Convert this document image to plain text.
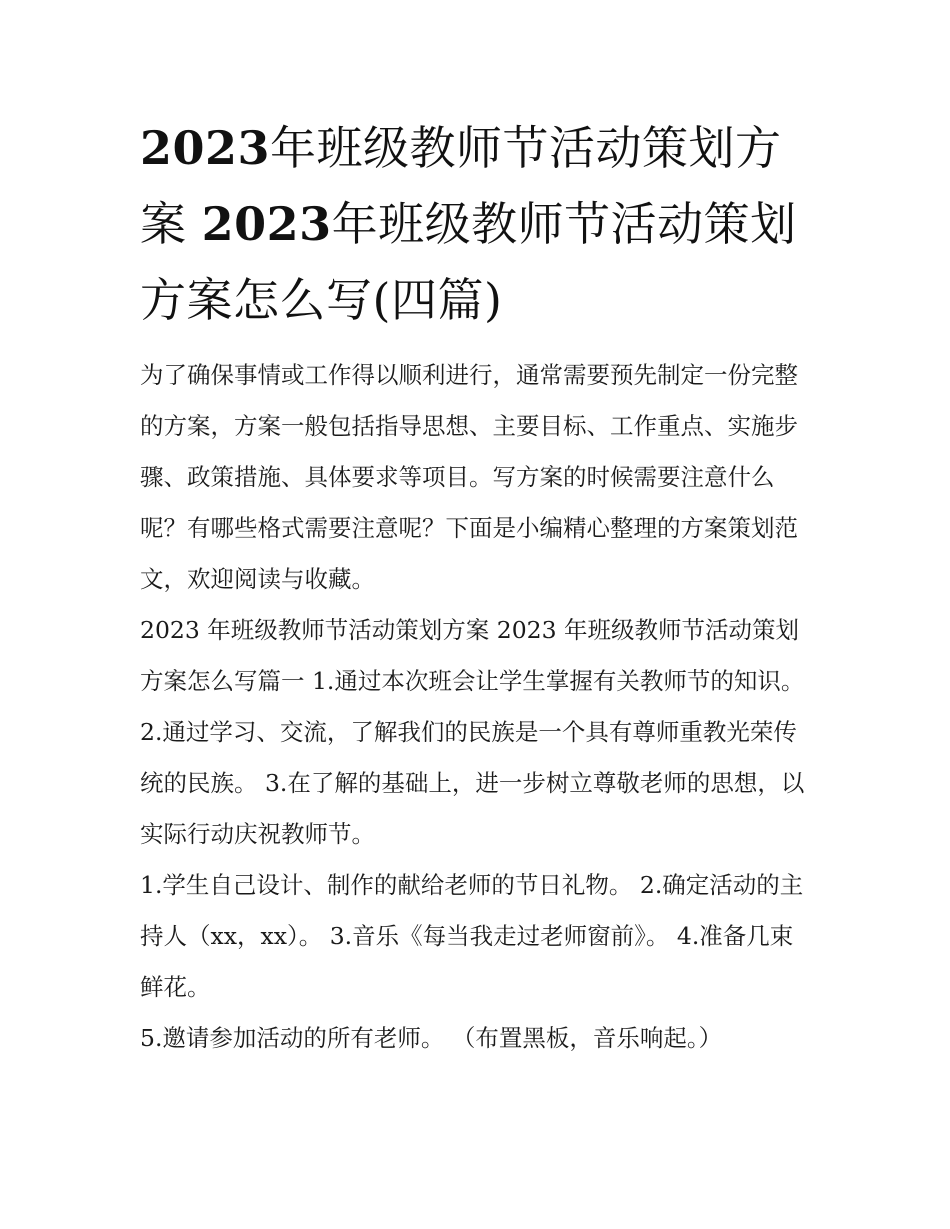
2023年班级教师节活动策划方案 2023年班级教师节活动策划方案怎么写(四篇)

为了确保事情或工作得以顺利进行，通常需要预先制定一份完整的方案，方案一般包括指导思想、主要目标、工作重点、实施步骤、政策措施、具体要求等项目。写方案的时候需要注意什么呢？有哪些格式需要注意呢？下面是小编精心整理的方案策划范文，欢迎阅读与收藏。

2023 年班级教师节活动策划方案 2023 年班级教师节活动策划方案怎么写篇一 1.通过本次班会让学生掌握有关教师节的知识。

2.通过学习、交流，了解我们的民族是一个具有尊师重教光荣传统的民族。 3.在了解的基础上，进一步树立尊敬老师的思想，以实际行动庆祝教师节。

1.学生自己设计、制作的献给老师的节日礼物。 2.确定活动的主持人（xx，xx）。 3.音乐《每当我走过老师窗前》。 4.准备几束鲜花。

5.邀请参加活动的所有老师。 （布置黑板，音乐响起。）
